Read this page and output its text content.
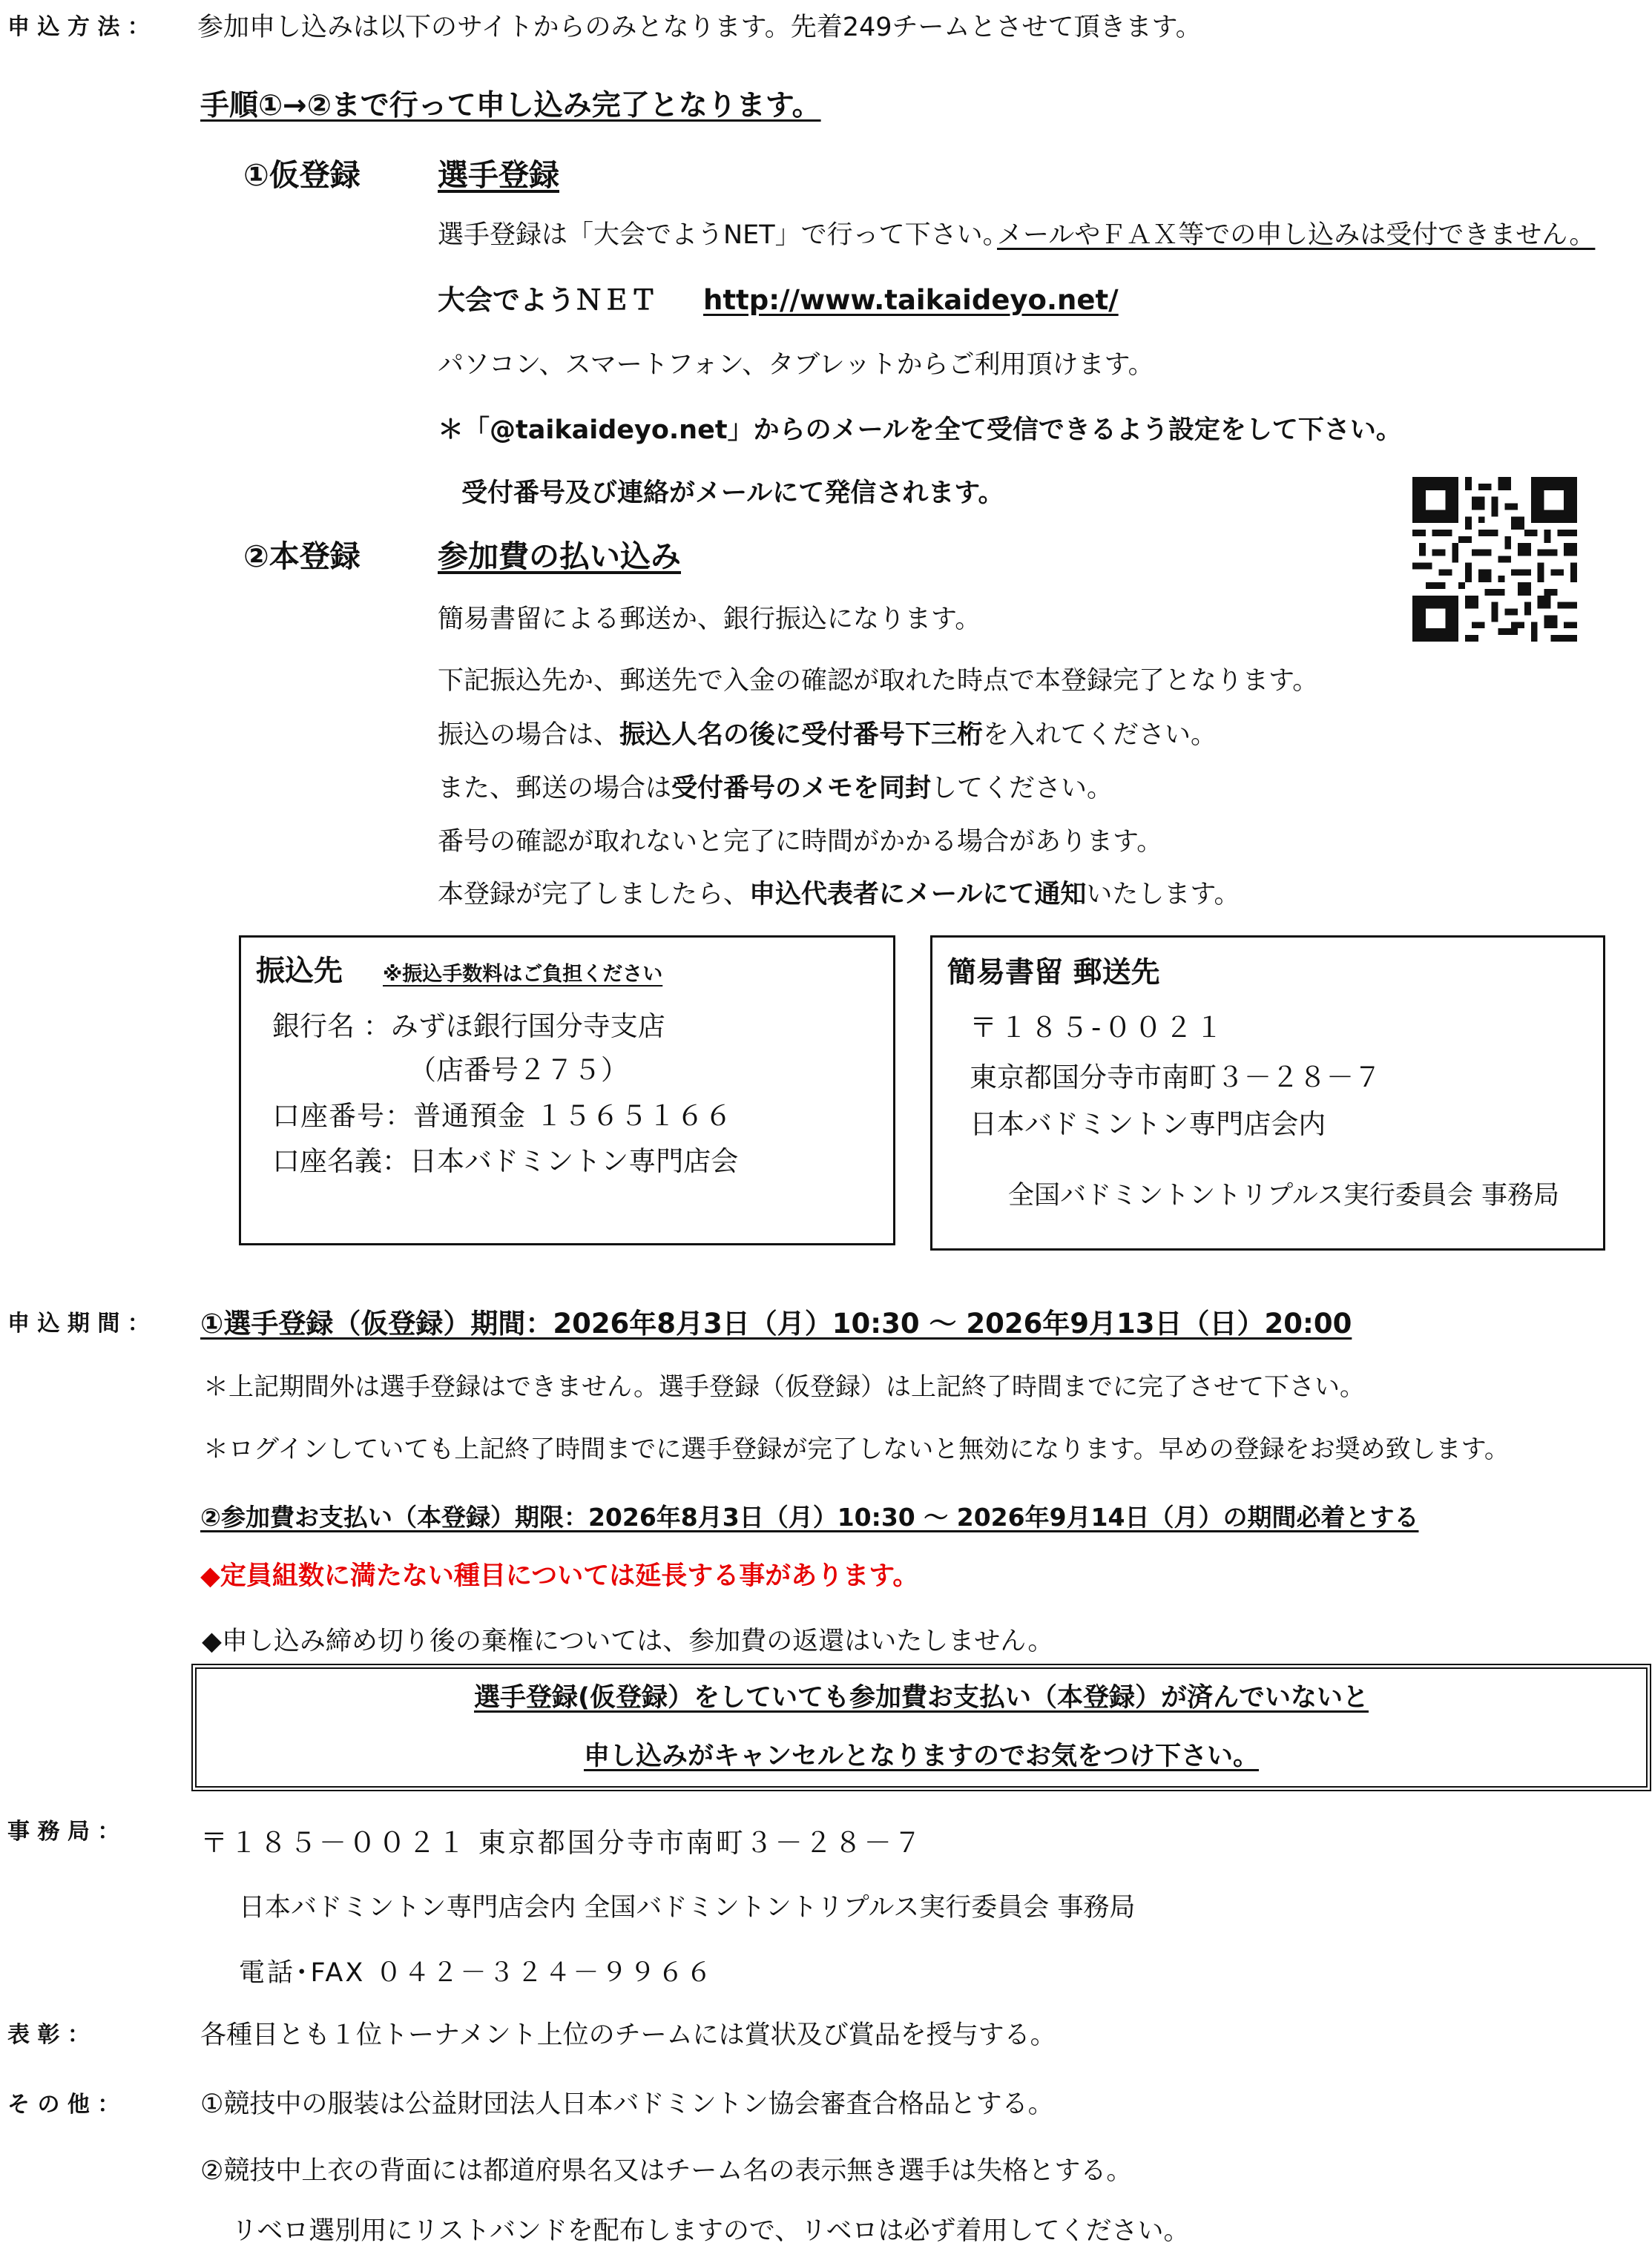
申 込 方 法 ： 参加申し込みは以下のサイトからのみとなります。先着249チームとさせて頂きます。
手順①→②まで行って申し込み完了となります。
①仮登録	選手登録
選手登録は「大会でようNET」で行って下さい。
メールやＦＡＸ等での申し込みは受付できません。
大会でようＮＥＴ http://www.taikaideyo.net/
パソコン、スマートフォン、タブレットからご利用頂けます。
＊「@taikaideyo.net」からのメールを全て受信できるよう設定をして下さい。
受付番号及び連絡がメールにて発信されます。
②本登録	参加費の払い込み
簡易書留による郵送か、銀行振込になります。
下記振込先か、郵送先で入金の確認が取れた時点で本登録完了となります。
振込の場合は、振込人名の後に受付番号下三桁を入れてください。
また、郵送の場合は受付番号のメモを同封してください。
番号の確認が取れないと完了に時間がかかる場合があります。
本登録が完了しましたら、申込代表者にメールにて通知いたします。
振込先 ※振込手数料はご負担ください
銀行名 ：みずほ銀行国分寺支店
（店番号２７５）
口座番号：普通預金 １５６５１６６
口座名義：日本バドミントン専門店会
簡易書留 郵送先
〒１８５-００２１
東京都国分寺市南町３－２８－７
日本バドミントン専門店会内
全国バドミントントリプルス実行委員会 事務局
申 込 期 間 ： ①選手登録（仮登録）期間：2026年8月3日（月）10:30 ～ 2026年9月13日（日）20:00
＊上記期間外は選手登録はできません。選手登録（仮登録）は上記終了時間までに完了させて下さい。
＊ログインしていても上記終了時間までに選手登録が完了しないと無効になります。早めの登録をお奨め致します。
②参加費お支払い（本登録）期限：2026年8月3日（月）10:30 ～ 2026年9月14日（月）の期間必着とする
◆定員組数に満たない種目については延長する事があります。
◆申し込み締め切り後の棄権については、参加費の返還はいたしません。
選手登録(仮登録）をしていても参加費お支払い（本登録）が済んでいないと
申し込みがキャンセルとなりますのでお気をつけ下さい。
事 務 局 ：	〒１８５－００２１ 東京都国分寺市南町３－２８－７
日本バドミントン専門店会内 全国バドミントントリプルス実行委員会 事務局
電話･FAX ０４２－３２４－９９６６
表 彰 ：	各種目とも１位トーナメント上位のチームには賞状及び賞品を授与する。
そ の 他 ：	①競技中の服装は公益財団法人日本バドミントン協会審査合格品とする。
②競技中上衣の背面には都道府県名又はチーム名の表示無き選手は失格とする。
リベロ選別用にリストバンドを配布しますので、リベロは必ず着用してください。
